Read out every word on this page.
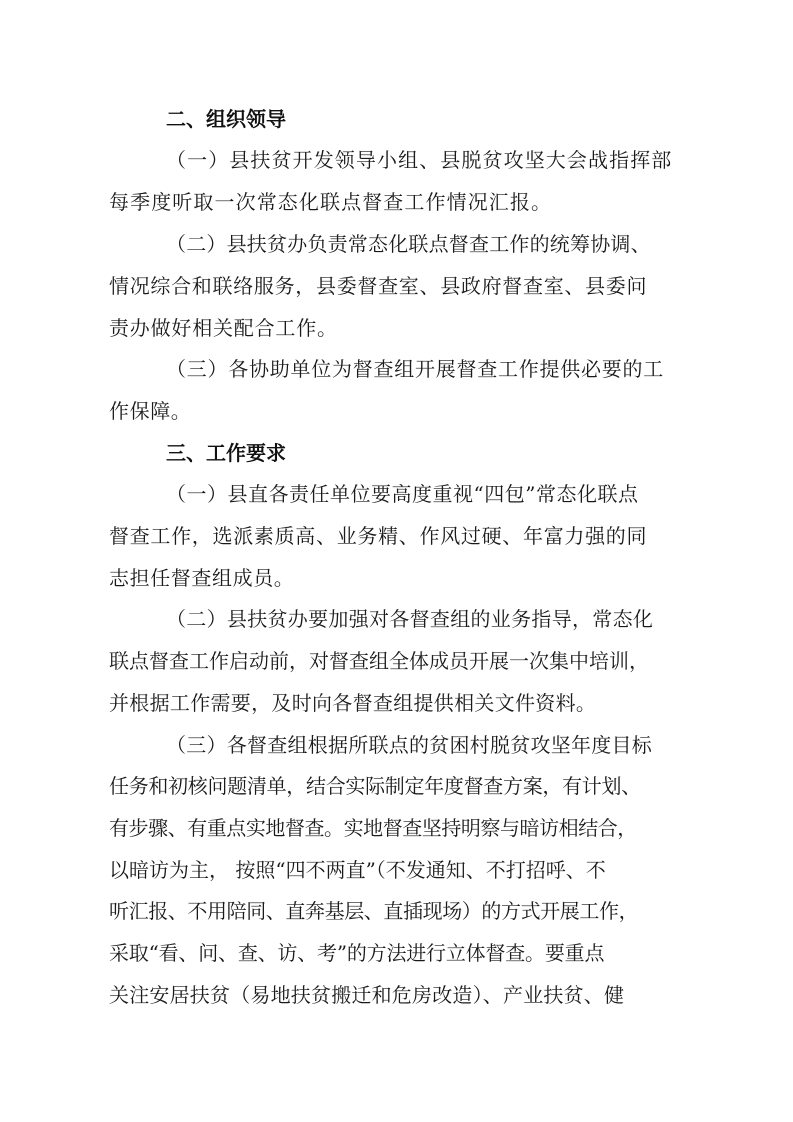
二、组织领导
（一）县扶贫开发领导小组、县脱贫攻坚大会战指挥部
每季度听取一次常态化联点督查工作情况汇报。
（二）县扶贫办负责常态化联点督查工作的统筹协调、
情况综合和联络服务，县委督查室、县政府督查室、县委问
责办做好相关配合工作。
（三）各协助单位为督查组开展督查工作提供必要的工
作保障。
三、工作要求
（一）县直各责任单位要高度重视“四包”常态化联点
督查工作，选派素质高、业务精、作风过硬、年富力强的同
志担任督查组成员。
（二）县扶贫办要加强对各督查组的业务指导，常态化
联点督查工作启动前，对督查组全体成员开展一次集中培训，
并根据工作需要，及时向各督查组提供相关文件资料。
（三）各督查组根据所联点的贫困村脱贫攻坚年度目标
任务和初核问题清单，结合实际制定年度督查方案，有计划、
有步骤、有重点实地督查。实地督查坚持明察与暗访相结合，
以暗访为主， 按照“四不两直”（不发通知、不打招呼、不
听汇报、不用陪同、直奔基层、直插现场）的方式开展工作，
采取“看、问、查、访、考”的方法进行立体督查。要重点
关注安居扶贫（易地扶贫搬迁和危房改造）、产业扶贫、健
